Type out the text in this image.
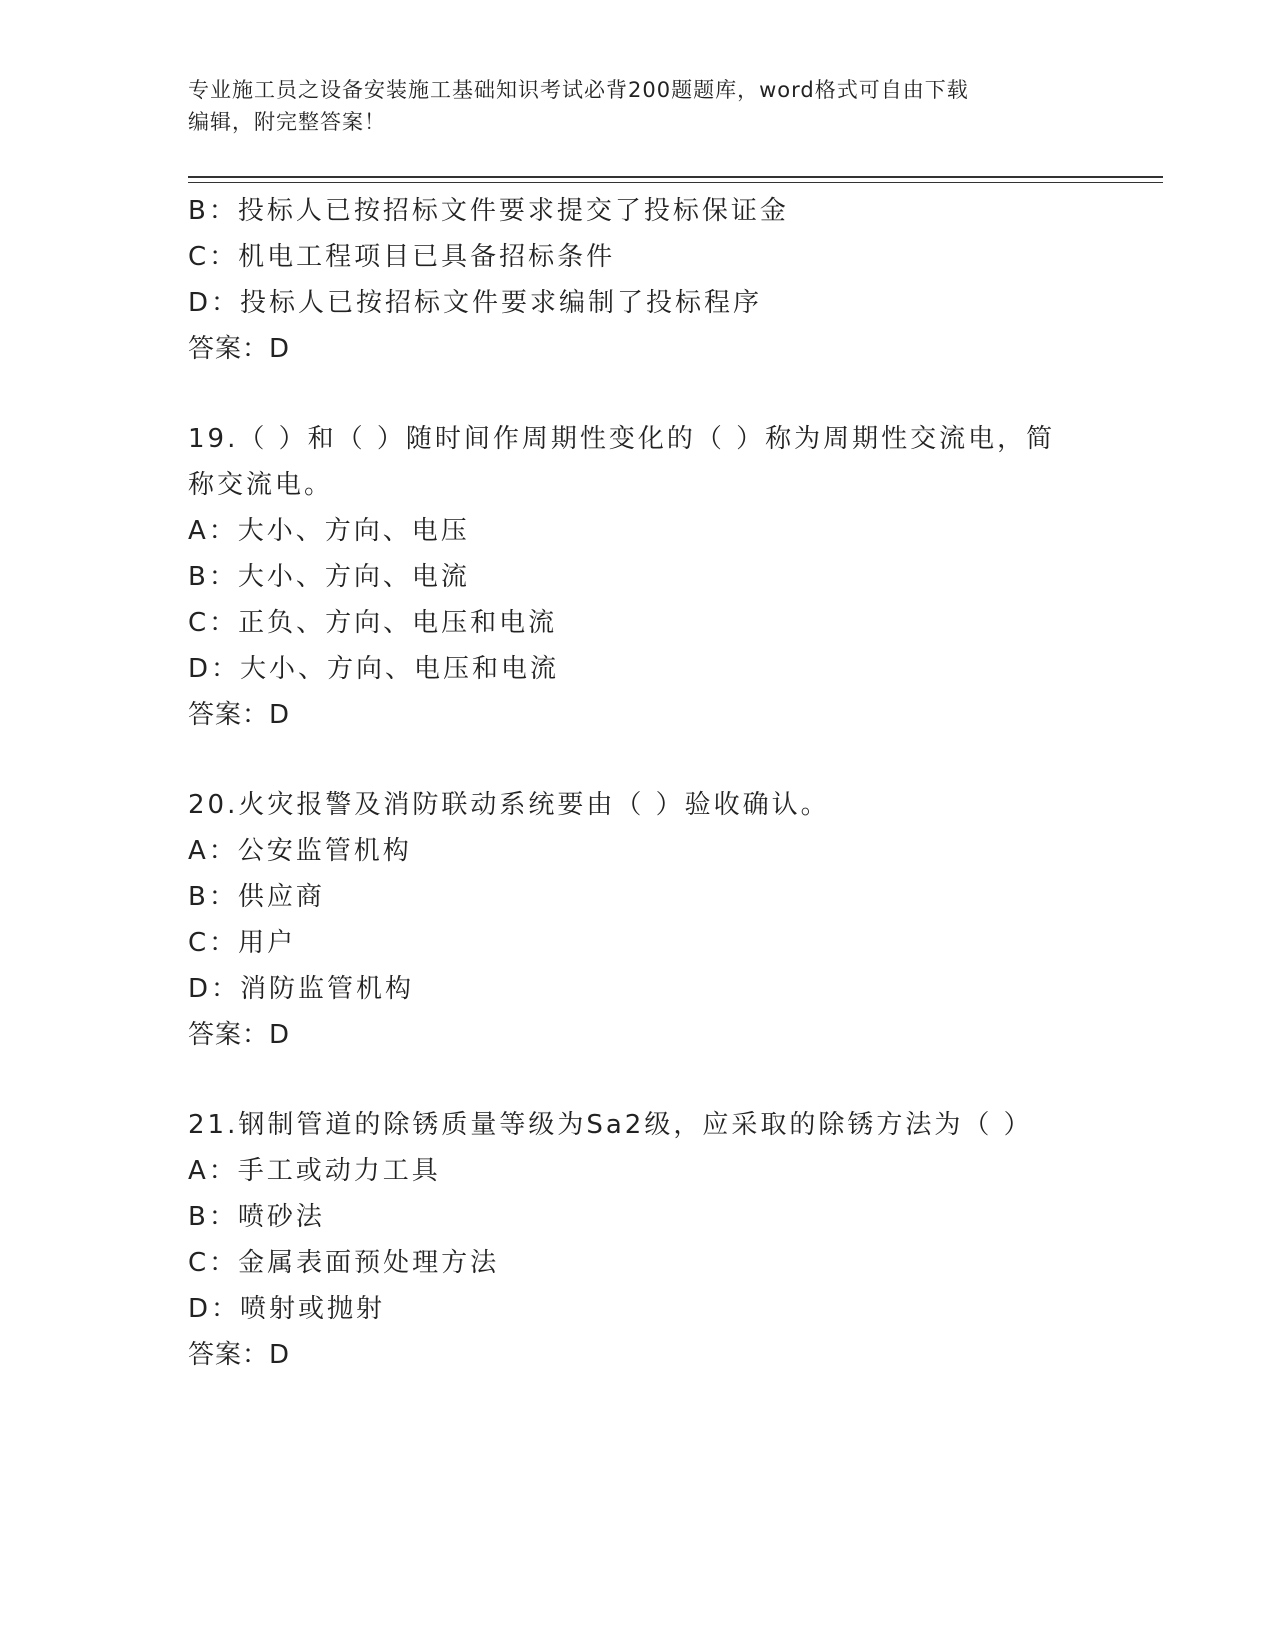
专业施工员之设备安装施工基础知识考试必背200题题库，word格式可自由下载
编辑，附完整答案！
B：投标人已按招标文件要求提交了投标保证金
C：机电工程项目已具备招标条件
D：投标人已按招标文件要求编制了投标程序
答案：D
19.（ ）和（ ）随时间作周期性变化的（ ）称为周期性交流电，简
称交流电。
A：大小、方向、电压
B：大小、方向、电流
C：正负、方向、电压和电流
D：大小、方向、电压和电流
答案：D
20.火灾报警及消防联动系统要由（ ）验收确认。
A：公安监管机构
B：供应商
C：用户
D：消防监管机构
答案：D
21.钢制管道的除锈质量等级为Sa2级，应采取的除锈方法为（ ）
A：手工或动力工具
B：喷砂法
C：金属表面预处理方法
D：喷射或抛射
答案：D
